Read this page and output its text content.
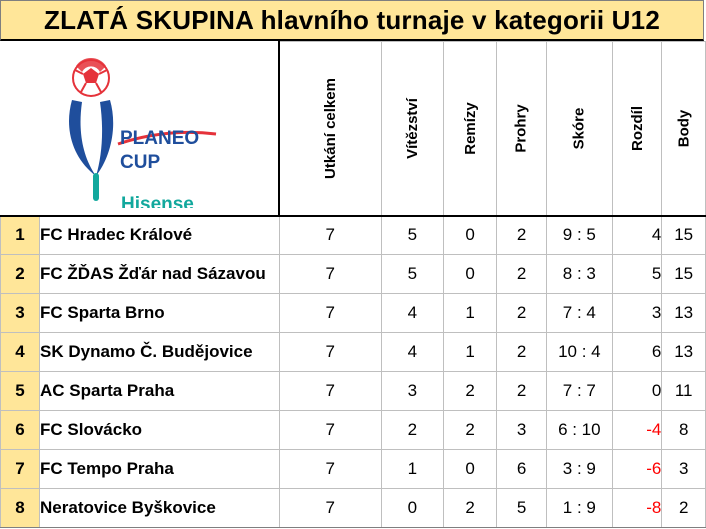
ZLATÁ SKUPINA hlavního turnaje v kategorii U12
PLANEO
CUP
Hisense		Utkání celkem	Vítězství	Remízy	Prohry	Skóre	Rozdíl	Body
1	FC Hradec Králové	7	5	0	2	9 : 5	4	15
2	FC ŽĎAS Žďár nad Sázavou	7	5	0	2	8 : 3	5	15
3	FC Sparta Brno	7	4	1	2	7 : 4	3	13
4	SK Dynamo Č. Budějovice	7	4	1	2	10 : 4	6	13
5	AC Sparta Praha	7	3	2	2	7 : 7	0	11
6	FC Slovácko	7	2	2	3	6 : 10	-4	8
7	FC Tempo Praha	7	1	0	6	3 : 9	-6	3
8	Neratovice Byškovice	7	0	2	5	1 : 9	-8	2
